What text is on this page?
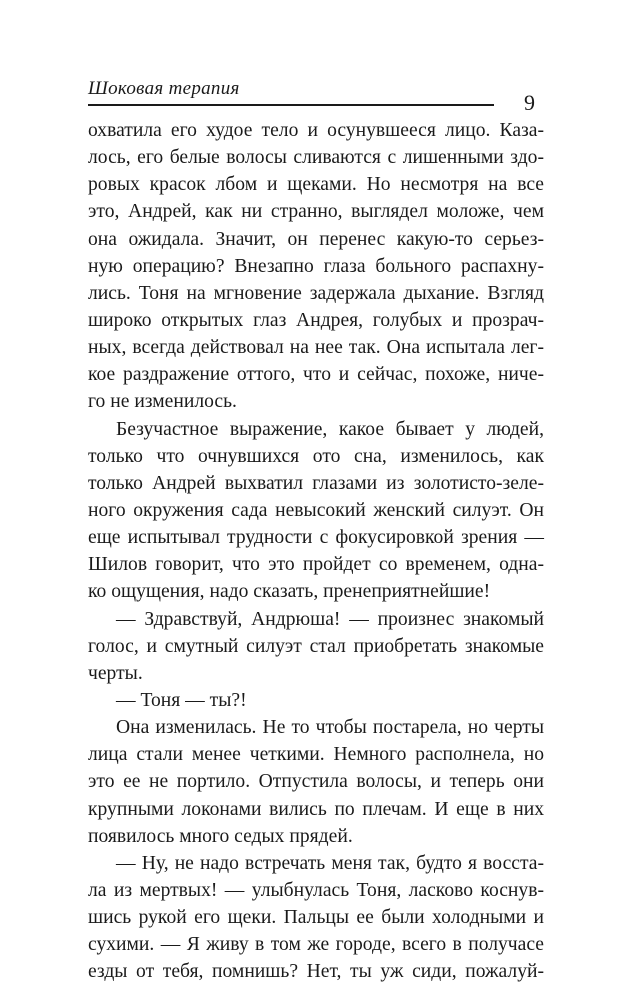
Шоковая терапия
9
охватила его худое тело и осунувшееся лицо. Каза-
лось, его белые волосы сливаются с лишенными здо-
ровых красок лбом и щеками. Но несмотря на все
это, Андрей, как ни странно, выглядел моложе, чем
она ожидала. Значит, он перенес какую-то серьез-
ную операцию? Внезапно глаза больного распахну-
лись. Тоня на мгновение задержала дыхание. Взгляд
широко открытых глаз Андрея, голубых и прозрач-
ных, всегда действовал на нее так. Она испытала лег-
кое раздражение оттого, что и сейчас, похоже, ниче-
го не изменилось.
Безучастное выражение, какое бывает у людей,
только что очнувшихся ото сна, изменилось, как
только Андрей выхватил глазами из золотисто-зеле-
ного окружения сада невысокий женский силуэт. Он
еще испытывал трудности с фокусировкой зрения —
Шилов говорит, что это пройдет со временем, одна-
ко ощущения, надо сказать, пренеприятнейшие!
— Здравствуй, Андрюша! — произнес знакомый
голос, и смутный силуэт стал приобретать знакомые
черты.
— Тоня — ты?!
Она изменилась. Не то чтобы постарела, но черты
лица стали менее четкими. Немного располнела, но
это ее не портило. Отпустила волосы, и теперь они
крупными локонами вились по плечам. И еще в них
появилось много седых прядей.
— Ну, не надо встречать меня так, будто я восста-
ла из мертвых! — улыбнулась Тоня, ласково коснув-
шись рукой его щеки. Пальцы ее были холодными и
сухими. — Я живу в том же городе, всего в получасе
езды от тебя, помнишь? Нет, ты уж сиди, пожалуй-
